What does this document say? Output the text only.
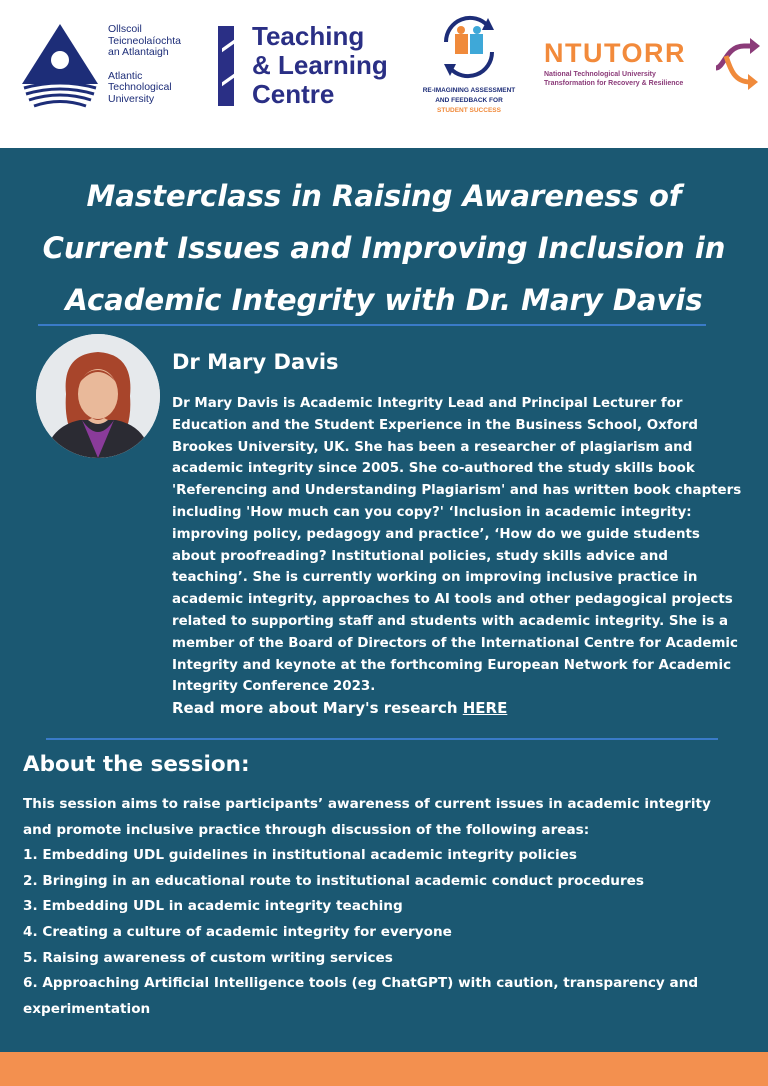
Ollscoil
Teicneolaíochta
an Atlantaigh
Atlantic
Technological
University
Teaching
& Learning
Centre	RE-IMAGINING ASSESSMENT
AND FEEDBACK FOR
STUDENT SUCCESS
NTUTORR
National Technological University
Transformation for Recovery & Resilience
Masterclass in Raising Awareness of Current Issues and Improving Inclusion in Academic Integrity with Dr. Mary Davis
Dr Mary Davis

Dr Mary Davis is Academic Integrity Lead and Principal Lecturer for Education and the Student Experience in the Business School, Oxford Brookes University, UK. She has been a researcher of plagiarism and academic integrity since 2005. She co-authored the study skills book 'Referencing and Understanding Plagiarism' and has written book chapters including 'How much can you copy?' ‘Inclusion in academic integrity: improving policy, pedagogy and practice’, ‘How do we guide students about proofreading? Institutional policies, study skills advice and teaching’. She is currently working on improving inclusive practice in academic integrity, approaches to AI tools and other pedagogical projects related to supporting staff and students with academic integrity. She is a member of the Board of Directors of the International Centre for Academic Integrity and keynote at the forthcoming European Network for Academic Integrity Conference 2023.

Read more about Mary's research HERE
About the session:
This session aims to raise participants’ awareness of current issues in academic integrity and promote inclusive practice through discussion of the following areas:
1. Embedding UDL guidelines in institutional academic integrity policies
2. Bringing in an educational route to institutional academic conduct procedures
3. Embedding UDL in academic integrity teaching
4. Creating a culture of academic integrity for everyone
5. Raising awareness of custom writing services
6. Approaching Artificial Intelligence tools (eg ChatGPT) with caution, transparency and experimentation
